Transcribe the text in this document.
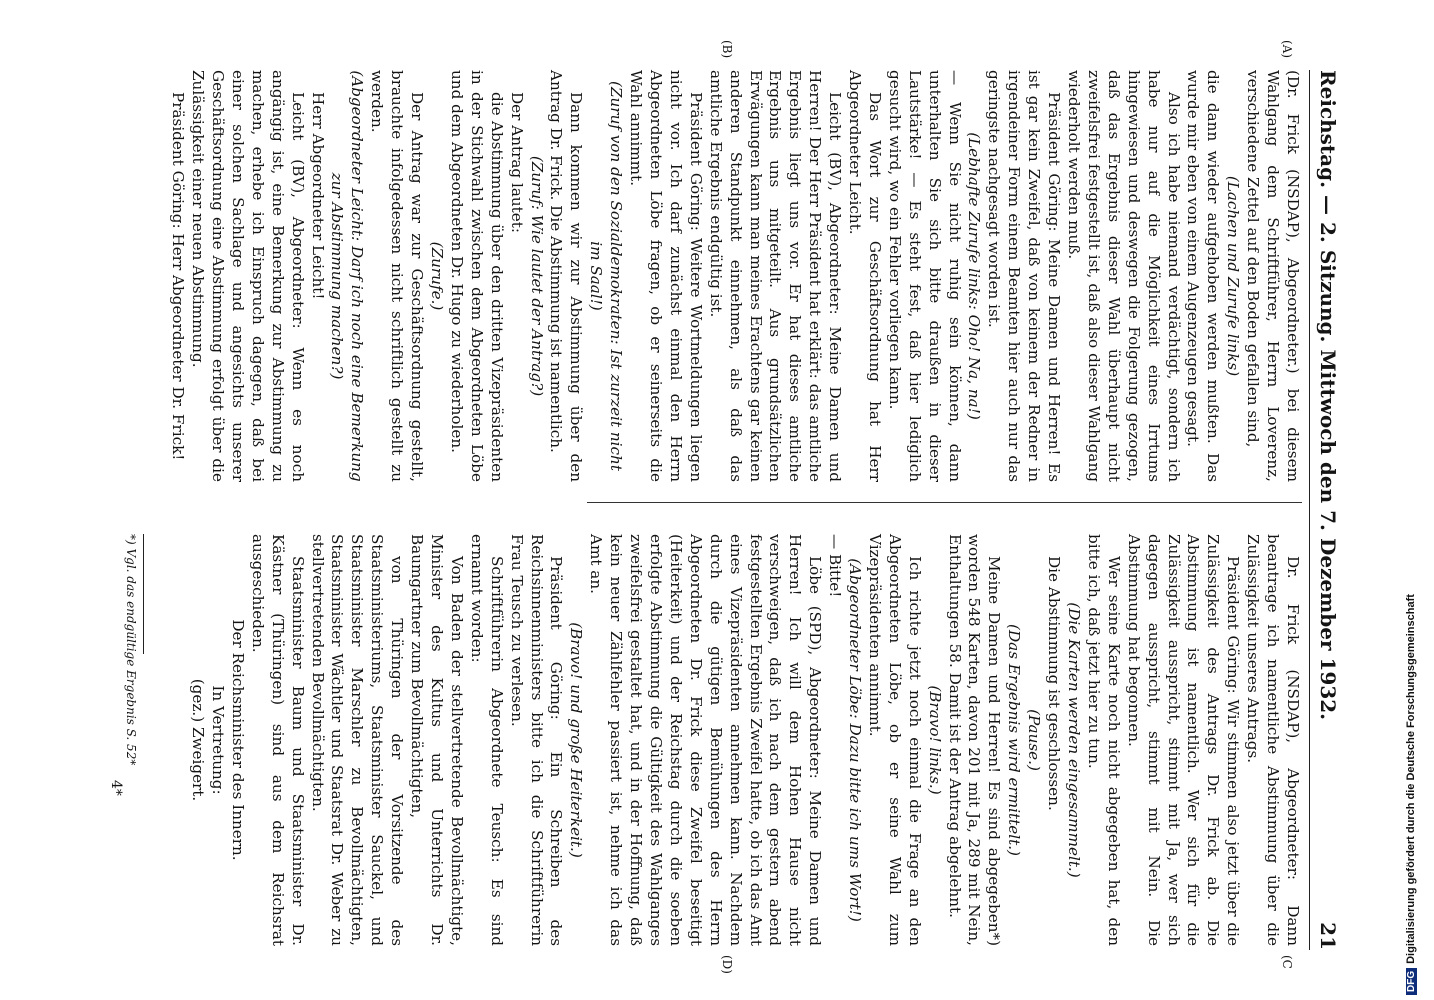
Reichstag. — 2. Sitzung. Mittwoch den 7. Dezember 1932.
21
(A)
(B)
(C
(D)

(Dr. Frick (NSDAP), Abgeordneter.) bei diesem Wahlgang dem Schriftführer, Herrn Loverenz, verschiedene Zettel auf den Boden gefallen sind,

(Lachen und Zurufe links)

die dann wieder aufgehoben werden mußten. Das wurde mir eben von einem Augenzeugen gesagt.

Also ich habe niemand verdächtigt, sondern ich habe nur auf die Möglichkeit eines Irrtums hingewiesen und deswegen die Folgerung gezogen, daß das Ergebnis dieser Wahl überhaupt nicht zweifelsfrei festgestellt ist, daß also dieser Wahlgang wiederholt werden muß.

Präsident Göring: Meine Damen und Herren! Es ist gar kein Zweifel, daß von keinem der Redner in irgendeiner Form einem Beamten hier auch nur das geringste nachgesagt worden ist.

(Lebhafte Zurufe links: Oho! Na, na!)

— Wenn Sie nicht ruhig sein können, dann unterhalten Sie sich bitte draußen in dieser Lautstärke! — Es steht fest, daß hier lediglich gesucht wird, wo ein Fehler vorliegen kann.

Das Wort zur Geschäftsordnung hat Herr Abgeordneter Leicht.

Leicht (BV), Abgeordneter: Meine Damen und Herren! Der Herr Präsident hat erklärt: das amtliche Ergebnis liegt uns vor. Er hat dieses amtliche Ergebnis uns mitgeteilt. Aus grundsätzlichen Erwägungen kann man meines Erachtens gar keinen anderen Standpunkt einnehmen, als daß das amtliche Ergebnis endgültig ist.

Präsident Göring: Weitere Wortmeldungen liegen nicht vor. Ich darf zunächst einmal den Herrn Abgeordneten Löbe fragen, ob er seinerseits die Wahl annimmt.

(Zuruf von den Sozialdemokraten: Ist zurzeit nicht im Saal!)

Dann kommen wir zur Abstimmung über den Antrag Dr. Frick. Die Abstimmung ist namentlich.

(Zuruf: Wie lautet der Antrag?)

Der Antrag lautet:

die Abstimmung über den dritten Vizepräsidenten in der Stichwahl zwischen dem Abgeordneten Löbe und dem Abgeordneten Dr. Hugo zu wiederholen.

(Zurufe.)

Der Antrag war zur Geschäftsordnung gestellt, brauchte infolgedessen nicht schriftlich gestellt zu werden.

(Abgeordneter Leicht: Darf ich noch eine Bemerkung zur Abstimmung machen?)

Herr Abgeordneter Leicht!

Leicht (BV), Abgeordneter: Wenn es noch angängig ist, eine Bemerkung zur Abstimmung zu machen, erhebe ich Einspruch dagegen, daß bei einer solchen Sachlage und angesichts unserer Geschäftsordnung eine Abstimmung erfolgt über die Zulässigkeit einer neuen Abstimmung.

Präsident Göring: Herr Abgeordneter Dr. Frick!

Dr. Frick (NSDAP), Abgeordneter: Dann beantrage ich namentliche Abstimmung über die Zulässigkeit unseres Antrags.

Präsident Göring: Wir stimmen also jetzt über die Zulässigkeit des Antrags Dr. Frick ab. Die Abstimmung ist namentlich. Wer sich für die Zulässigkeit ausspricht, stimmt mit Ja, wer sich dagegen ausspricht, stimmt mit Nein. Die Abstimmung hat begonnen.

Wer seine Karte noch nicht abgegeben hat, den bitte ich, daß jetzt hier zu tun.

(Die Karten werden eingesammelt.)

Die Abstimmung ist geschlossen.

(Pause.)

(Das Ergebnis wird ermittelt.)

Meine Damen und Herren! Es sind abgegeben*) worden 548 Karten, davon 201 mit Ja, 289 mit Nein, Enthaltungen 58. Damit ist der Antrag abgelehnt.

(Bravo! links.)

Ich richte jetzt noch einmal die Frage an den Abgeordneten Löbe, ob er seine Wahl zum Vizepräsidenten annimmt.

(Abgeordneter Löbe: Dazu bitte ich ums Wort!)

— Bitte!

Löbe (SPD), Abgeordneter: Meine Damen und Herren! Ich will dem Hohen Hause nicht verschweigen, daß ich nach dem gestern abend festgestellten Ergebnis Zweifel hatte, ob ich das Amt eines Vizepräsidenten annehmen kann. Nachdem durch die gütigen Bemühungen des Herrn Abgeordneten Dr. Frick diese Zweifel beseitigt (Heiterkeit) und der Reichstag durch die soeben erfolgte Abstimmung die Gültigkeit des Wahlganges zweifelsfrei gestaltet hat, und in der Hoffnung, daß kein neuer Zählfehler passiert ist, nehme ich das Amt an.

(Bravo! und große Heiterkeit.)

Präsident Göring: Ein Schreiben des Reichsinnenministers bitte ich die Schriftführerin Frau Teusch zu verlesen.

Schriftführerin Abgeordnete Teusch: Es sind ernannt worden:

Von Baden der stellvertretende Bevollmächtigte, Minister des Kultus und Unterrichts Dr. Baumgartner zum Bevollmächtigten,

von Thüringen der Vorsitzende des Staatsministeriums, Staatsminister Sauckel, und Staatsminister Marschler zu Bevollmächtigten, Staatsminister Wächtler und Staatsrat Dr. Weber zu stellvertretenden Bevollmächtigten.

Staatsminister Baum und Staatsminister Dr. Kästner (Thüringen) sind aus dem Reichsrat ausgeschieden.

Der Reichsminister des Innern.

In Vertretung:

(gez.) Zweigert.

*) Vgl. das endgültige Ergebnis S. 52*
4*
DFGDigitalisierung gefördert durch die Deutsche Forschungsgemeinschaft
